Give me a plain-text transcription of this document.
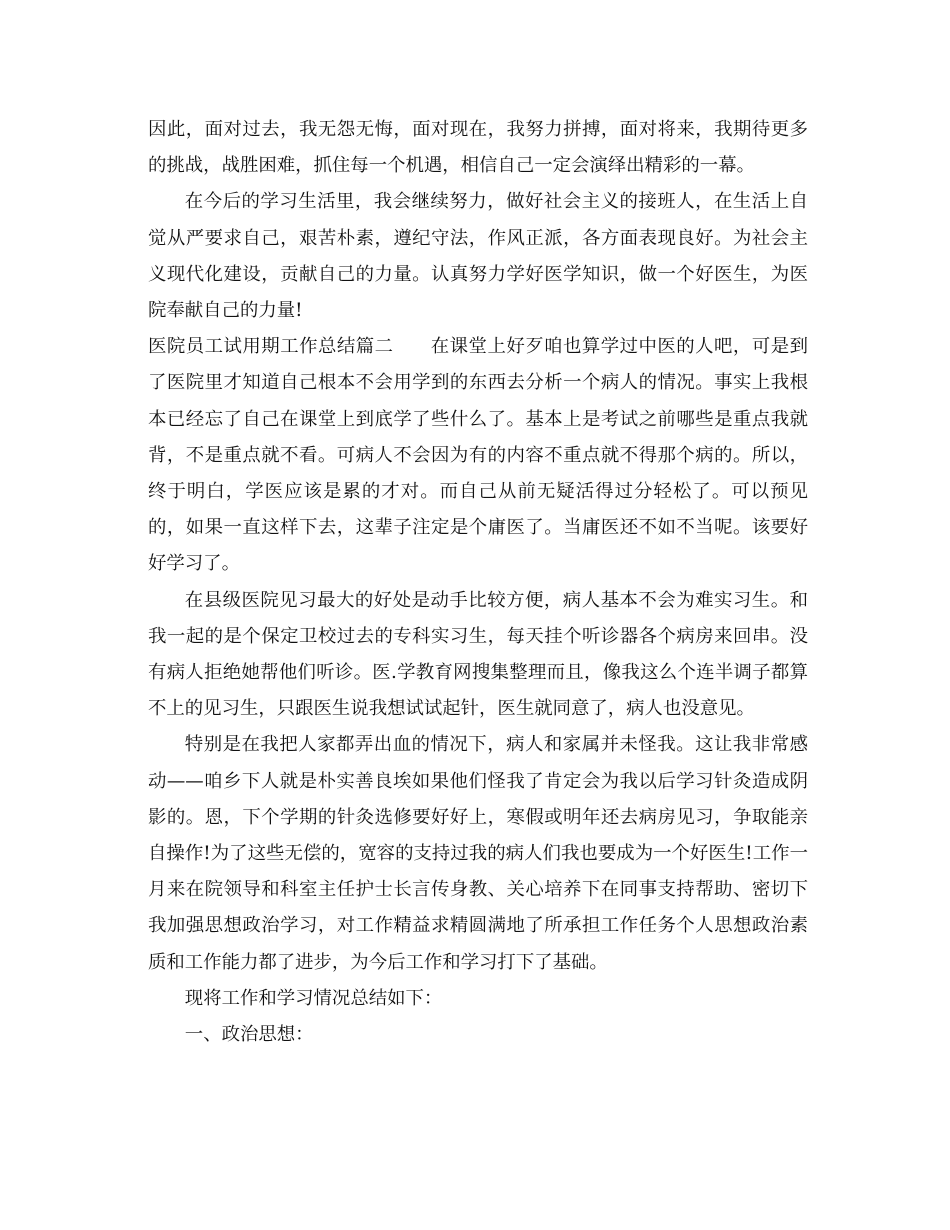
因此，面对过去，我无怨无悔，面对现在，我努力拼搏，面对将来，我期待更多的挑战，战胜困难，抓住每一个机遇，相信自己一定会演绎出精彩的一幕。

在今后的学习生活里，我会继续努力，做好社会主义的接班人，在生活上自觉从严要求自己，艰苦朴素，遵纪守法，作风正派，各方面表现良好。为社会主义现代化建设，贡献自己的力量。认真努力学好医学知识，做一个好医生，为医院奉献自己的力量!

医院员工试用期工作总结篇二 在课堂上好歹咱也算学过中医的人吧，可是到了医院里才知道自己根本不会用学到的东西去分析一个病人的情况。事实上我根本已经忘了自己在课堂上到底学了些什么了。基本上是考试之前哪些是重点我就背，不是重点就不看。可病人不会因为有的内容不重点就不得那个病的。所以，终于明白，学医应该是累的才对。而自己从前无疑活得过分轻松了。可以预见的，如果一直这样下去，这辈子注定是个庸医了。当庸医还不如不当呢。该要好好学习了。

在县级医院见习最大的好处是动手比较方便，病人基本不会为难实习生。和我一起的是个保定卫校过去的专科实习生，每天挂个听诊器各个病房来回串。没有病人拒绝她帮他们听诊。医.学教育网搜集整理而且，像我这么个连半调子都算不上的见习生，只跟医生说我想试试起针，医生就同意了，病人也没意见。

特别是在我把人家都弄出血的情况下，病人和家属并未怪我。这让我非常感动——咱乡下人就是朴实善良埃如果他们怪我了肯定会为我以后学习针灸造成阴影的。恩，下个学期的针灸选修要好好上，寒假或明年还去病房见习，争取能亲自操作!为了这些无偿的，宽容的支持过我的病人们我也要成为一个好医生!工作一月来在院领导和科室主任护士长言传身教、关心培养下在同事支持帮助、密切下我加强思想政治学习，对工作精益求精圆满地了所承担工作任务个人思想政治素质和工作能力都了进步，为今后工作和学习打下了基础。

现将工作和学习情况总结如下：

一、政治思想：
